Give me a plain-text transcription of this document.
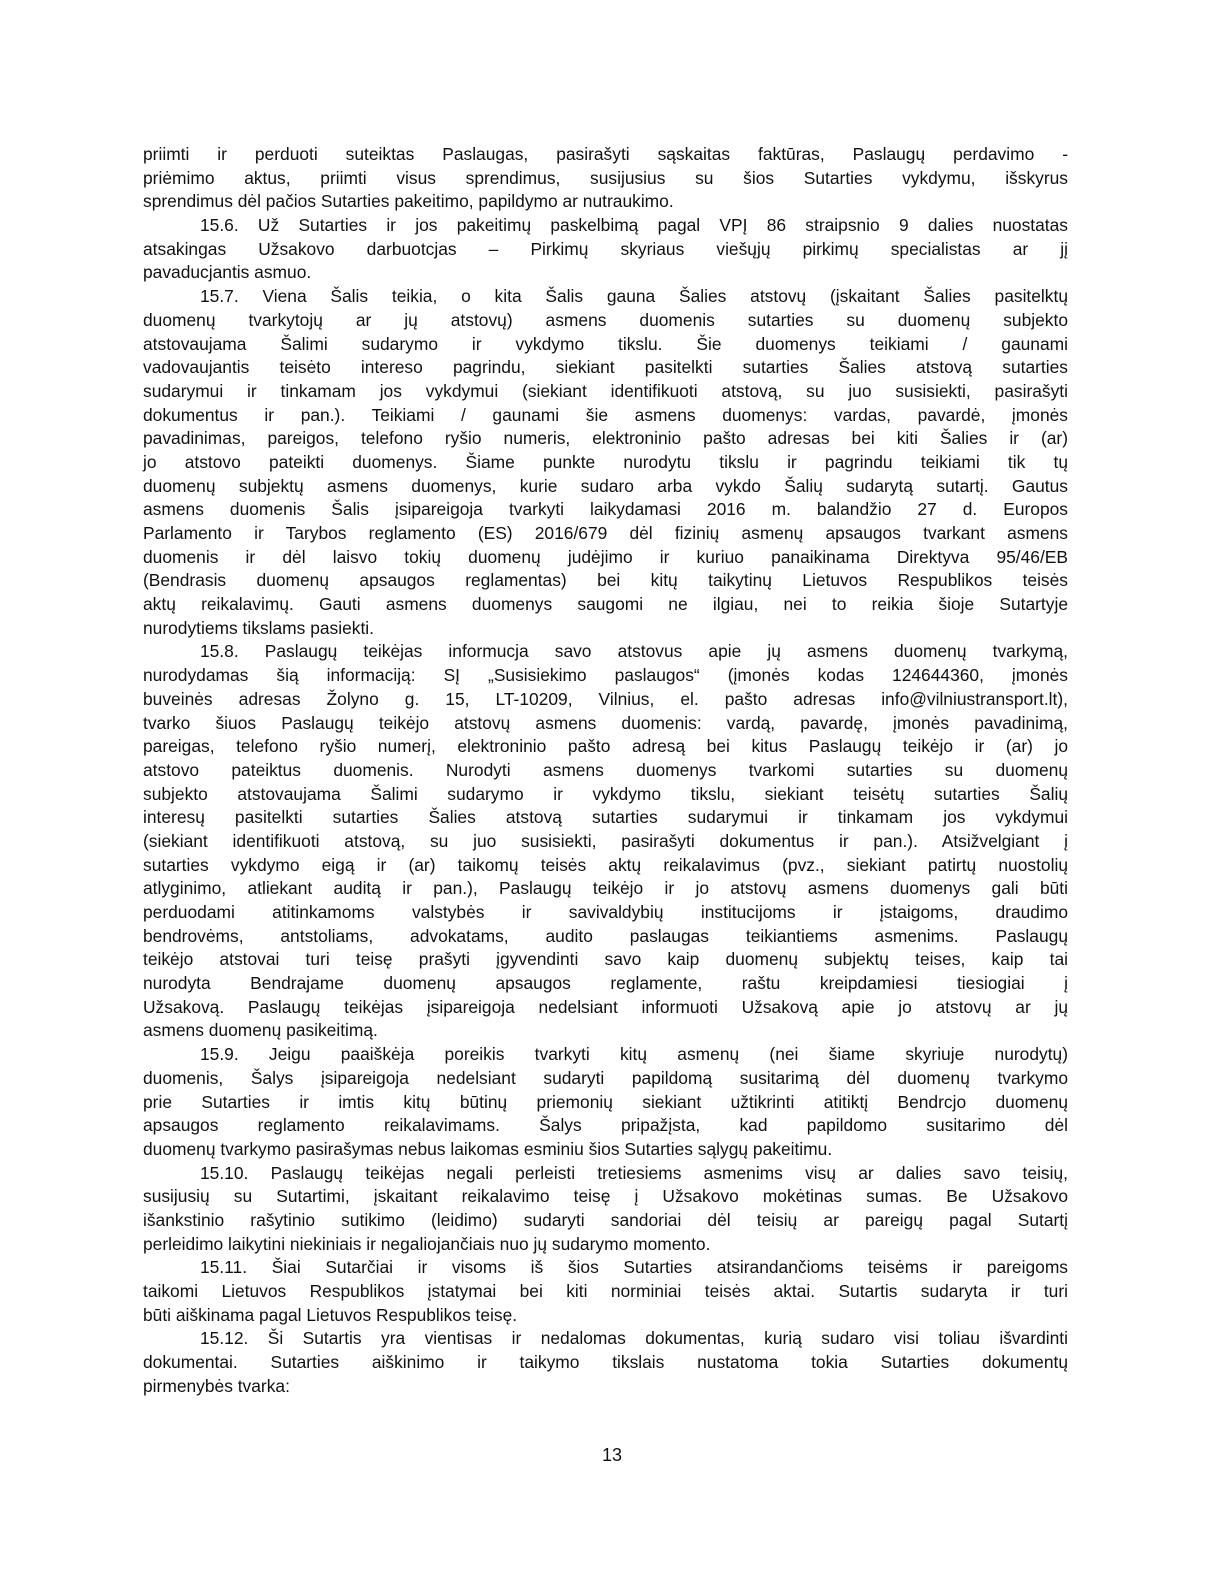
priimti ir perduoti suteiktas Paslaugas, pasirašyti sąskaitas faktūras, Paslaugų perdavimo -
priėmimo aktus, priimti visus sprendimus, susijusius su šios Sutarties vykdymu, išskyrus
sprendimus dėl pačios Sutarties pakeitimo, papildymo ar nutraukimo.
15.6. Už Sutarties ir jos pakeitimų paskelbimą pagal VPĮ 86 straipsnio 9 dalies nuostatas
atsakingas Užsakovo darbuotcjas – Pirkimų skyriaus viešųjų pirkimų specialistas ar jį
pavaducjantis asmuo.
15.7. Viena Šalis teikia, o kita Šalis gauna Šalies atstovų (įskaitant Šalies pasitelktų
duomenų tvarkytojų ar jų atstovų) asmens duomenis sutarties su duomenų subjekto
atstovaujama Šalimi sudarymo ir vykdymo tikslu. Šie duomenys teikiami / gaunami
vadovaujantis teisėto intereso pagrindu, siekiant pasitelkti sutarties Šalies atstovą sutarties
sudarymui ir tinkamam jos vykdymui (siekiant identifikuoti atstovą, su juo susisiekti, pasirašyti
dokumentus ir pan.). Teikiami / gaunami šie asmens duomenys: vardas, pavardė, įmonės
pavadinimas, pareigos, telefono ryšio numeris, elektroninio pašto adresas bei kiti Šalies ir (ar)
jo atstovo pateikti duomenys. Šiame punkte nurodytu tikslu ir pagrindu teikiami tik tų
duomenų subjektų asmens duomenys, kurie sudaro arba vykdo Šalių sudarytą sutartį. Gautus
asmens duomenis Šalis įsipareigoja tvarkyti laikydamasi 2016 m. balandžio 27 d. Europos
Parlamento ir Tarybos reglamento (ES) 2016/679 dėl fizinių asmenų apsaugos tvarkant asmens
duomenis ir dėl laisvo tokių duomenų judėjimo ir kuriuo panaikinama Direktyva 95/46/EB
(Bendrasis duomenų apsaugos reglamentas) bei kitų taikytinų Lietuvos Respublikos teisės
aktų reikalavimų. Gauti asmens duomenys saugomi ne ilgiau, nei to reikia šioje Sutartyje
nurodytiems tikslams pasiekti.
15.8. Paslaugų teikėjas informucja savo atstovus apie jų asmens duomenų tvarkymą,
nurodydamas šią informaciją: SĮ „Susisiekimo paslaugos“ (įmonės kodas 124644360, įmonės
buveinės adresas Žolyno g. 15, LT-10209, Vilnius, el. pašto adresas info@vilniustransport.lt),
tvarko šiuos Paslaugų teikėjo atstovų asmens duomenis: vardą, pavardę, įmonės pavadinimą,
pareigas, telefono ryšio numerį, elektroninio pašto adresą bei kitus Paslaugų teikėjo ir (ar) jo
atstovo pateiktus duomenis. Nurodyti asmens duomenys tvarkomi sutarties su duomenų
subjekto atstovaujama Šalimi sudarymo ir vykdymo tikslu, siekiant teisėtų sutarties Šalių
interesų pasitelkti sutarties Šalies atstovą sutarties sudarymui ir tinkamam jos vykdymui
(siekiant identifikuoti atstovą, su juo susisiekti, pasirašyti dokumentus ir pan.). Atsižvelgiant į
sutarties vykdymo eigą ir (ar) taikomų teisės aktų reikalavimus (pvz., siekiant patirtų nuostolių
atlyginimo, atliekant auditą ir pan.), Paslaugų teikėjo ir jo atstovų asmens duomenys gali būti
perduodami atitinkamoms valstybės ir savivaldybių institucijoms ir įstaigoms, draudimo
bendrovėms, antstoliams, advokatams, audito paslaugas teikiantiems asmenims. Paslaugų
teikėjo atstovai turi teisę prašyti įgyvendinti savo kaip duomenų subjektų teises, kaip tai
nurodyta Bendrajame duomenų apsaugos reglamente, raštu kreipdamiesi tiesiogiai į
Užsakovą. Paslaugų teikėjas įsipareigoja nedelsiant informuoti Užsakovą apie jo atstovų ar jų
asmens duomenų pasikeitimą.
15.9. Jeigu paaiškėja poreikis tvarkyti kitų asmenų (nei šiame skyriuje nurodytų)
duomenis, Šalys įsipareigoja nedelsiant sudaryti papildomą susitarimą dėl duomenų tvarkymo
prie Sutarties ir imtis kitų būtinų priemonių siekiant užtikrinti atitiktį Bendrcjo duomenų
apsaugos reglamento reikalavimams. Šalys pripažįsta, kad papildomo susitarimo dėl
duomenų tvarkymo pasirašymas nebus laikomas esminiu šios Sutarties sąlygų pakeitimu.
15.10. Paslaugų teikėjas negali perleisti tretiesiems asmenims visų ar dalies savo teisių,
susijusių su Sutartimi, įskaitant reikalavimo teisę į Užsakovo mokėtinas sumas. Be Užsakovo
išankstinio rašytinio sutikimo (leidimo) sudaryti sandoriai dėl teisių ar pareigų pagal Sutartį
perleidimo laikytini niekiniais ir negaliojančiais nuo jų sudarymo momento.
15.11. Šiai Sutarčiai ir visoms iš šios Sutarties atsirandančioms teisėms ir pareigoms
taikomi Lietuvos Respublikos įstatymai bei kiti norminiai teisės aktai. Sutartis sudaryta ir turi
būti aiškinama pagal Lietuvos Respublikos teisę.
15.12. Ši Sutartis yra vientisas ir nedalomas dokumentas, kurią sudaro visi toliau išvardinti
dokumentai. Sutarties aiškinimo ir taikymo tikslais nustatoma tokia Sutarties dokumentų
pirmenybės tvarka:
13
